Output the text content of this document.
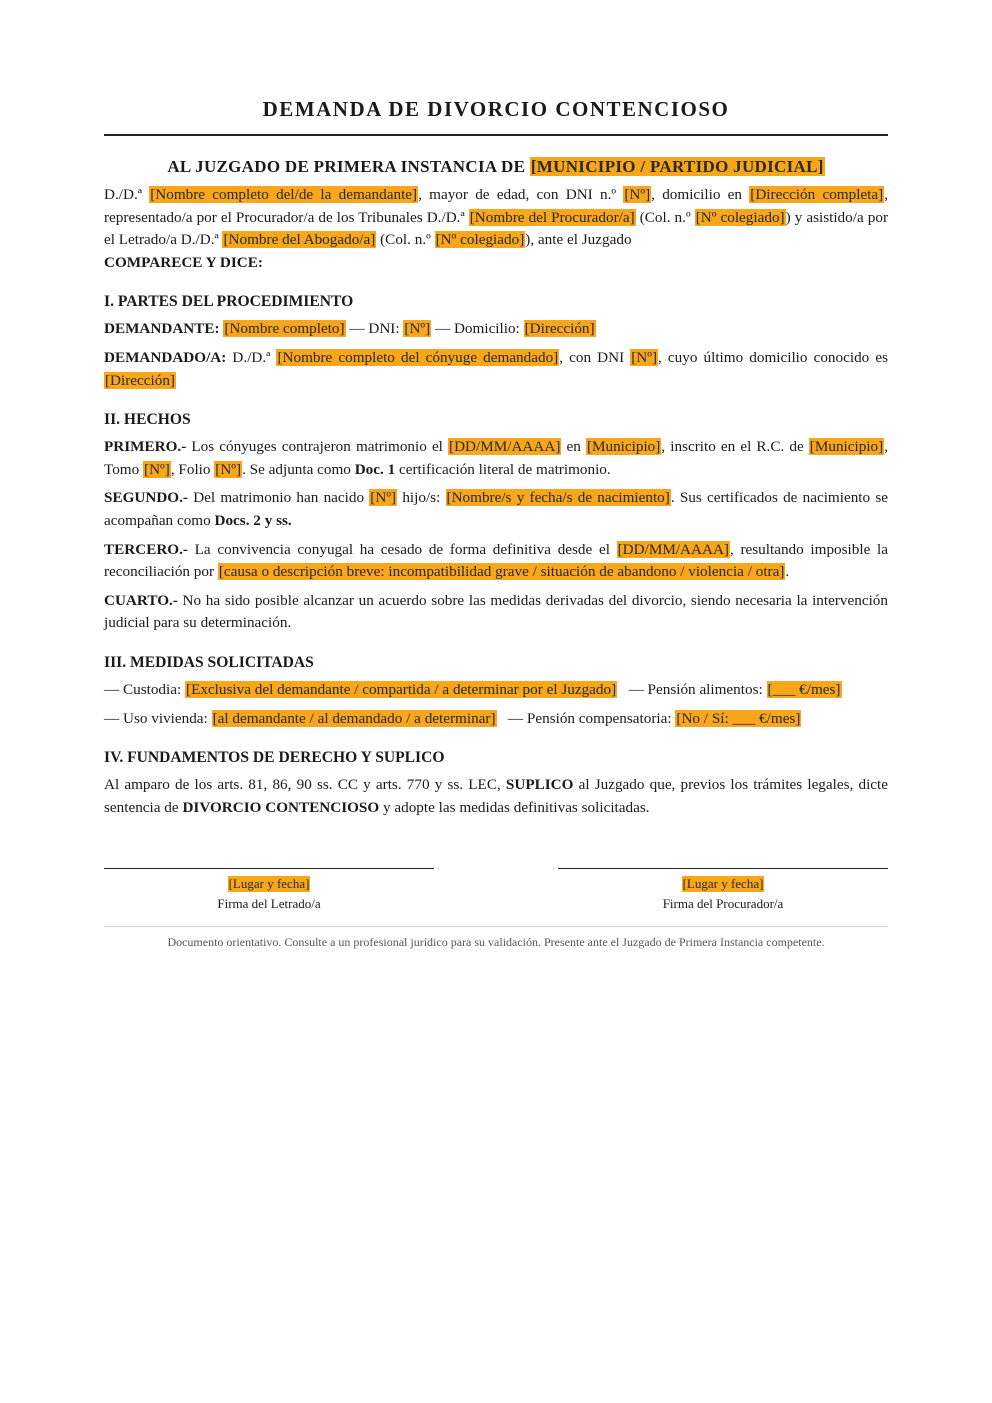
DEMANDA DE DIVORCIO CONTENCIOSO
AL JUZGADO DE PRIMERA INSTANCIA DE [MUNICIPIO / PARTIDO JUDICIAL]

D./D.ª [Nombre completo del/de la demandante], mayor de edad, con DNI n.º [Nº], domicilio en [Dirección completa], representado/a por el Procurador/a de los Tribunales D./D.ª [Nombre del Procurador/a] (Col. n.º [Nº colegiado]) y asistido/a por el Letrado/a D./D.ª [Nombre del Abogado/a] (Col. n.º [Nº colegiado]), ante el Juzgado

COMPARECE Y DICE:

I. PARTES DEL PROCEDIMIENTO

DEMANDANTE: [Nombre completo] — DNI: [Nº] — Domicilio: [Dirección]

DEMANDADO/A: D./D.ª [Nombre completo del cónyuge demandado], con DNI [Nº], cuyo último domicilio conocido es [Dirección]

II. HECHOS

PRIMERO.- Los cónyuges contrajeron matrimonio el [DD/MM/AAAA] en [Municipio], inscrito en el R.C. de [Municipio], Tomo [Nº], Folio [Nº]. Se adjunta como Doc. 1 certificación literal de matrimonio.

SEGUNDO.- Del matrimonio han nacido [Nº] hijo/s: [Nombre/s y fecha/s de nacimiento]. Sus certificados de nacimiento se acompañan como Docs. 2 y ss.

TERCERO.- La convivencia conyugal ha cesado de forma definitiva desde el [DD/MM/AAAA], resultando imposible la reconciliación por [causa o descripción breve: incompatibilidad grave / situación de abandono / violencia / otra].

CUARTO.- No ha sido posible alcanzar un acuerdo sobre las medidas derivadas del divorcio, siendo necesaria la intervención judicial para su determinación.

III. MEDIDAS SOLICITADAS

— Custodia: [Exclusiva del demandante / compartida / a determinar por el Juzgado]   — Pensión alimentos: [___ €/mes]

— Uso vivienda: [al demandante / al demandado / a determinar]   — Pensión compensatoria: [No / Sí: ___ €/mes]

IV. FUNDAMENTOS DE DERECHO Y SUPLICO

Al amparo de los arts. 81, 86, 90 ss. CC y arts. 770 y ss. LEC, SUPLICO al Juzgado que, previos los trámites legales, dicte sentencia de DIVORCIO CONTENCIOSO y adopte las medidas definitivas solicitadas.

[Lugar y fecha]
Firma del Letrado/a
[Lugar y fecha]
Firma del Procurador/a
Documento orientativo. Consulte a un profesional jurídico para su validación. Presente ante el Juzgado de Primera Instancia competente.
